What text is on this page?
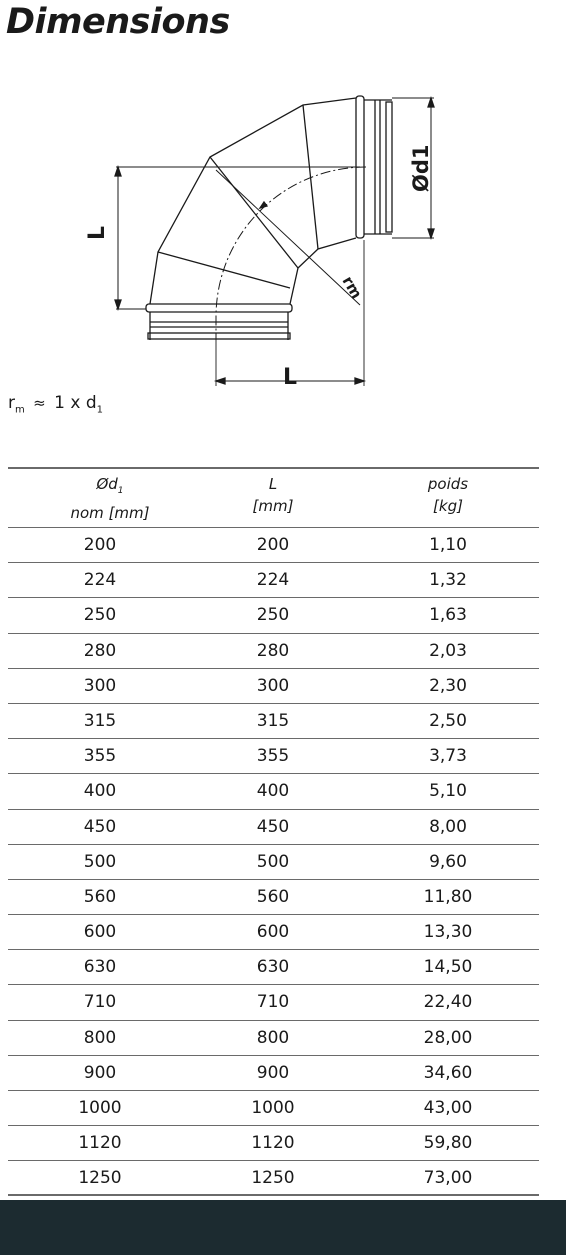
Dimensions
L
L
Ød1
rm
$r_m \approx 1$ x $d_1$
$Ød_1$
nom [mm]
L
[mm]
poids
[kg]
200	200	1,10
224	224	1,32
250	250	1,63
280	280	2,03
300	300	2,30
315	315	2,50
355	355	3,73
400	400	5,10
450	450	8,00
500	500	9,60
560	560	11,80
600	600	13,30
630	630	14,50
710	710	22,40
800	800	28,00
900	900	34,60
1000	1000	43,00
1120	1120	59,80
1250	1250	73,00
